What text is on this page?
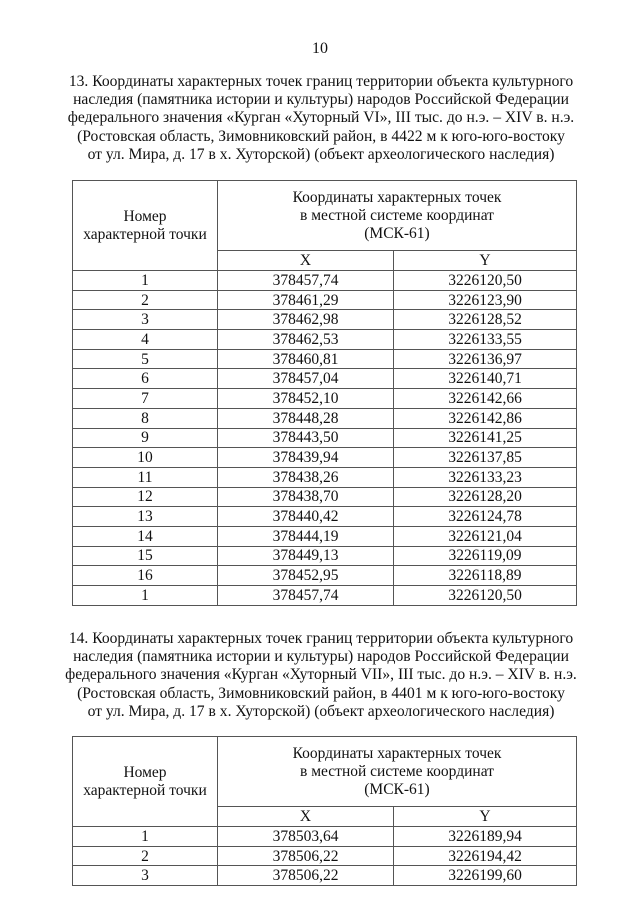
10
13. Координаты характерных точек границ территории объекта культурного
наследия (памятника истории и культуры) народов Российской Федерации
федерального значения «Курган «Хуторный VI», III тыс. до н.э. – XIV в. н.э.
(Ростовская область, Зимовниковский район, в 4422 м к юго-юго-востоку
от ул. Мира, д. 17 в х. Хуторской) (объект археологического наследия)
Номер
характерной точки	Координаты характерных точек
в местной системе координат
(МСК-61)	

	X	Y
1	378457,74	3226120,50
2	378461,29	3226123,90
3	378462,98	3226128,52
4	378462,53	3226133,55
5	378460,81	3226136,97
6	378457,04	3226140,71
7	378452,10	3226142,66
8	378448,28	3226142,86
9	378443,50	3226141,25
10	378439,94	3226137,85
11	378438,26	3226133,23
12	378438,70	3226128,20
13	378440,42	3226124,78
14	378444,19	3226121,04
15	378449,13	3226119,09
16	378452,95	3226118,89
1	378457,74	3226120,50
14. Координаты характерных точек границ территории объекта культурного
наследия (памятника истории и культуры) народов Российской Федерации
федерального значения «Курган «Хуторный VII», III тыс. до н.э. – XIV в. н.э.
(Ростовская область, Зимовниковский район, в 4401 м к юго-юго-востоку
от ул. Мира, д. 17 в х. Хуторской) (объект археологического наследия)
Номер
характерной точки	Координаты характерных точек
в местной системе координат
(МСК-61)	

	X	Y
1	378503,64	3226189,94
2	378506,22	3226194,42
3	378506,22	3226199,60
